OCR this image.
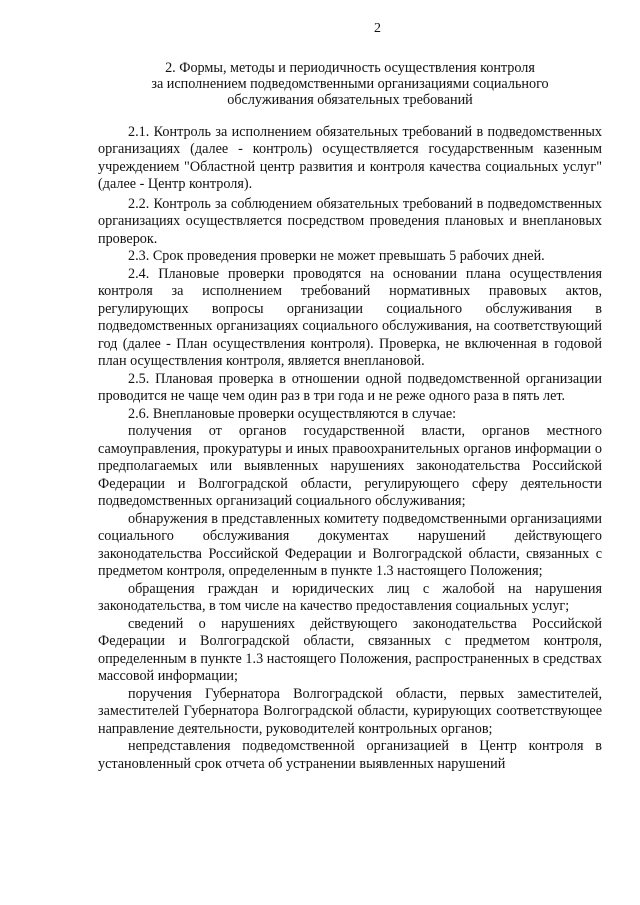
2
2. Формы, методы и периодичность осуществления контроля
за исполнением подведомственными организациями социального
обслуживания обязательных требований

2.1. Контроль за исполнением обязательных требований в подведомственных организациях (далее - контроль) осуществляется государственным казенным учреждением "Областной центр развития и контроля качества социальных услуг" (далее - Центр контроля).

2.2. Контроль за соблюдением обязательных требований в подведомственных организациях осуществляется посредством проведения плановых и внеплановых проверок.

2.3. Срок проведения проверки не может превышать 5 рабочих дней.

2.4. Плановые проверки проводятся на основании плана осуществления контроля за исполнением требований нормативных правовых актов, регулирующих вопросы организации социального обслуживания в подведомственных организациях социального обслуживания, на соответствующий год (далее - План осуществления контроля). Проверка, не включенная в годовой план осуществления контроля, является внеплановой.

2.5. Плановая проверка в отношении одной подведомственной организации проводится не чаще чем один раз в три года и не реже одного раза в пять лет.

2.6. Внеплановые проверки осуществляются в случае:

получения от органов государственной власти, органов местного самоуправления, прокуратуры и иных правоохранительных органов информации о предполагаемых или выявленных нарушениях законодательства Российской Федерации и Волгоградской области, регулирующего сферу деятельности подведомственных организаций социального обслуживания;

обнаружения в представленных комитету подведомственными организациями социального обслуживания документах нарушений действующего законодательства Российской Федерации и Волгоградской области, связанных с предметом контроля, определенным в пункте 1.3 настоящего Положения;

обращения граждан и юридических лиц с жалобой на нарушения законодательства, в том числе на качество предоставления социальных услуг;

сведений о нарушениях действующего законодательства Российской Федерации и Волгоградской области, связанных с предметом контроля, определенным в пункте 1.3 настоящего Положения, распространенных в средствах массовой информации;

поручения Губернатора Волгоградской области, первых заместителей, заместителей Губернатора Волгоградской области, курирующих соответствующее направление деятельности, руководителей контрольных органов;

непредставления подведомственной организацией в Центр контроля в установленный срок отчета об устранении выявленных нарушений
